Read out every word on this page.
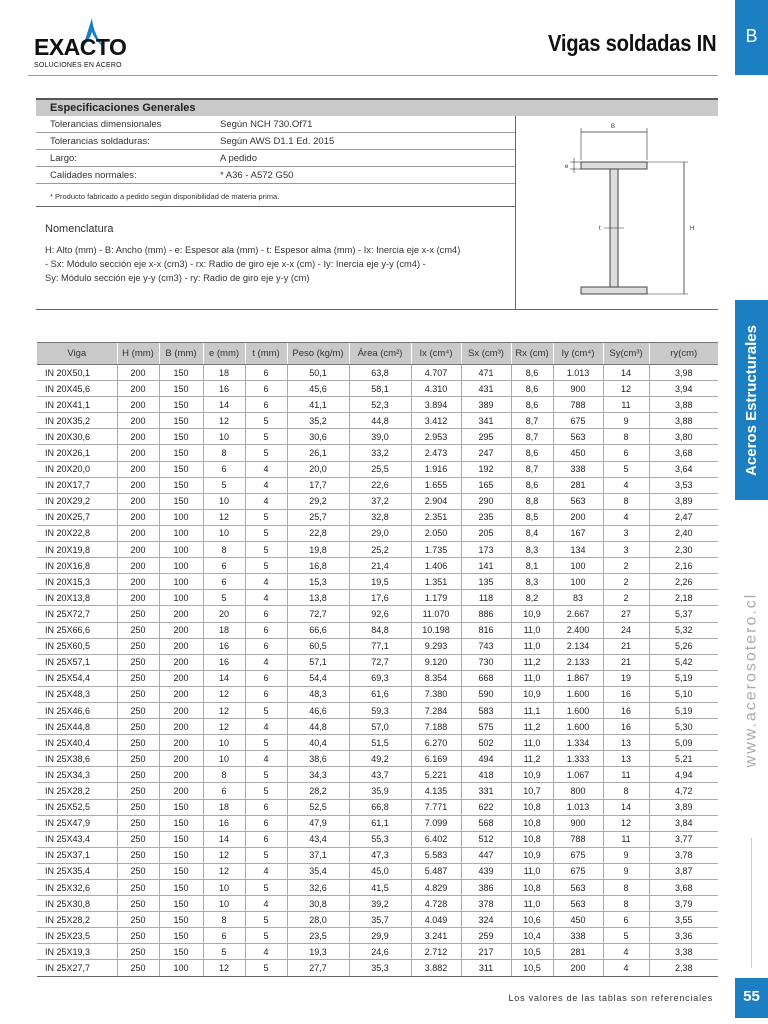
EXACTO
SOLUCIONES EN ACERO
Vigas soldadas IN	B
Aceros Estructurales
www.acerosotero.cl
55
Especificaciones Generales
Tolerancias dimensionales	Según NCH 730.Of71
Tolerancias soldaduras:	Según AWS D1.1 Ed. 2015
Largo:	A pedido
Calidades normales:	* A36 - A572 G50
* Producto fabricado a pedido según disponibilidad de materia prima.
Nomenclatura
H: Alto (mm) - B: Ancho (mm) - e: Espesor ala (mm) - t: Espesor alma (mm) - Ix: Inercia eje x-x (cm4)
- Sx: Módulo sección eje x-x (cm3) - rx: Radio de giro eje x-x (cm) - Iy: Inercia eje y-y (cm4) -
Sy: Módulo sección eje y-y (cm3) - ry: Radio de giro eje y-y (cm)
B
e
t	H
Viga	H (mm)	B (mm)	e (mm)	t (mm)	Peso (kg/m)	Área (cm²)	Ix (cm⁴)	Sx (cm³)	Rx (cm)	Iy (cm⁴)	Sy(cm³)	ry(cm)
IN 20X50,1	200	150	18	6	50,1	63,8	4.707	471	8,6	1.013	14	3,98
IN 20X45,6	200	150	16	6	45,6	58,1	4.310	431	8,6	900	12	3,94
IN 20X41,1	200	150	14	6	41,1	52,3	3.894	389	8,6	788	11	3,88
IN 20X35,2	200	150	12	5	35,2	44,8	3.412	341	8,7	675	9	3,88
IN 20X30,6	200	150	10	5	30,6	39,0	2.953	295	8,7	563	8	3,80
IN 20X26,1	200	150	8	5	26,1	33,2	2.473	247	8,6	450	6	3,68
IN 20X20,0	200	150	6	4	20,0	25,5	1.916	192	8,7	338	5	3,64
IN 20X17,7	200	150	5	4	17,7	22,6	1.655	165	8,6	281	4	3,53
IN 20X29,2	200	150	10	4	29,2	37,2	2.904	290	8,8	563	8	3,89
IN 20X25,7	200	100	12	5	25,7	32,8	2.351	235	8,5	200	4	2,47
IN 20X22,8	200	100	10	5	22,8	29,0	2.050	205	8,4	167	3	2,40
IN 20X19,8	200	100	8	5	19,8	25,2	1.735	173	8,3	134	3	2,30
IN 20X16,8	200	100	6	5	16,8	21,4	1.406	141	8,1	100	2	2,16
IN 20X15,3	200	100	6	4	15,3	19,5	1.351	135	8,3	100	2	2,26
IN 20X13,8	200	100	5	4	13,8	17,6	1.179	118	8,2	83	2	2,18
IN 25X72,7	250	200	20	6	72,7	92,6	11.070	886	10,9	2.667	27	5,37
IN 25X66,6	250	200	18	6	66,6	84,8	10.198	816	11,0	2.400	24	5,32
IN 25X60,5	250	200	16	6	60,5	77,1	9.293	743	11,0	2.134	21	5,26
IN 25X57,1	250	200	16	4	57,1	72,7	9.120	730	11,2	2.133	21	5,42
IN 25X54,4	250	200	14	6	54,4	69,3	8.354	668	11,0	1.867	19	5,19
IN 25X48,3	250	200	12	6	48,3	61,6	7.380	590	10,9	1.600	16	5,10
IN 25X46,6	250	200	12	5	46,6	59,3	7.284	583	11,1	1.600	16	5,19
IN 25X44,8	250	200	12	4	44,8	57,0	7.188	575	11,2	1.600	16	5,30
IN 25X40,4	250	200	10	5	40,4	51,5	6.270	502	11,0	1.334	13	5,09
IN 25X38,6	250	200	10	4	38,6	49,2	6.169	494	11,2	1.333	13	5,21
IN 25X34,3	250	200	8	5	34,3	43,7	5.221	418	10,9	1.067	11	4,94
IN 25X28,2	250	200	6	5	28,2	35,9	4.135	331	10,7	800	8	4,72
IN 25X52,5	250	150	18	6	52,5	66,8	7.771	622	10,8	1.013	14	3,89
IN 25X47,9	250	150	16	6	47,9	61,1	7.099	568	10,8	900	12	3,84
IN 25X43,4	250	150	14	6	43,4	55,3	6.402	512	10,8	788	11	3,77
IN 25X37,1	250	150	12	5	37,1	47,3	5.583	447	10,9	675	9	3,78
IN 25X35,4	250	150	12	4	35,4	45,0	5.487	439	11,0	675	9	3,87
IN 25X32,6	250	150	10	5	32,6	41,5	4.829	386	10,8	563	8	3,68
IN 25X30,8	250	150	10	4	30,8	39,2	4.728	378	11,0	563	8	3,79
IN 25X28,2	250	150	8	5	28,0	35,7	4.049	324	10,6	450	6	3,55
IN 25X23,5	250	150	6	5	23,5	29,9	3.241	259	10,4	338	5	3,36
IN 25X19,3	250	150	5	4	19,3	24,6	2.712	217	10,5	281	4	3,38
IN 25X27,7	250	100	12	5	27,7	35,3	3.882	311	10,5	200	4	2,38
Los valores de las tablas son referenciales
